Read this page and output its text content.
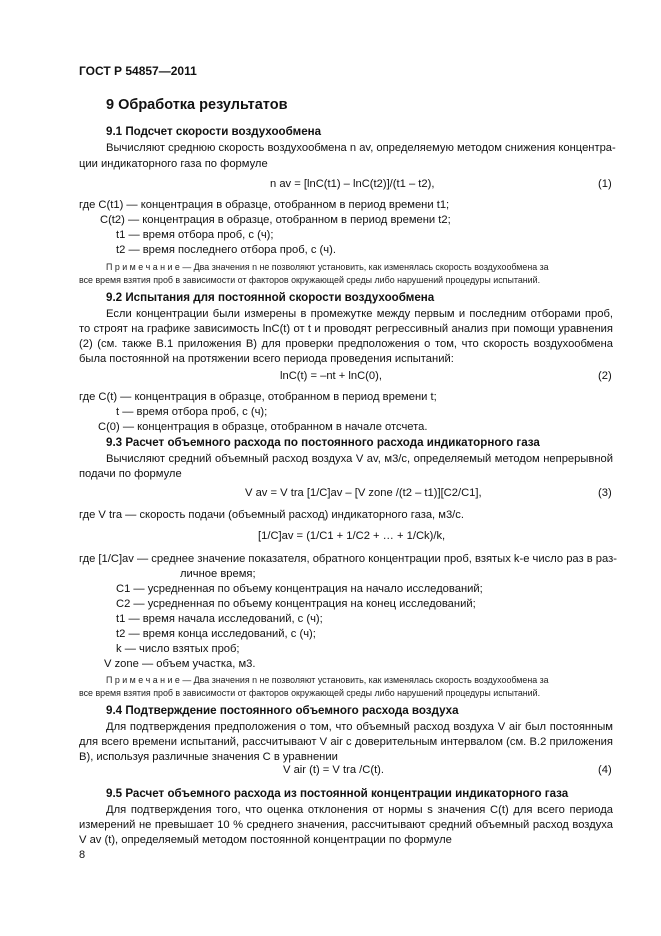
ГОСТ Р 54857—2011
9 Обработка результатов
9.1 Подсчет скорости воздухообмена
Вычисляют среднюю скорость воздухообмена n av, определяемую методом снижения концентра-
ции индикаторного газа по формуле
n av = [lnC(t1) – lnC(t2)]/(t1 – t2),	(1)
где C(t1) — концентрация в образце, отобранном в период времени t1;
C(t2) — концентрация в образце, отобранном в период времени t2;
t1 — время отбора проб, с (ч);
t2 — время последнего отбора проб, с (ч).
П р и м е ч а н и е — Два значения n не позволяют установить, как изменялась скорость воздухообмена за
все время взятия проб в зависимости от факторов окружающей среды либо нарушений процедуры испытаний.
9.2 Испытания для постоянной скорости воздухообмена
Если концентрации были измерены в промежутке между первым и последним отборами проб, то строят на графике зависимость lnC(t) от t и проводят регрессивный анализ при помощи уравнения (2) (см. также В.1 приложения В) для проверки предположения о том, что скорость воздухообмена была постоянной на протяжении всего периода проведения испытаний:
lnC(t) = –nt + lnC(0),	(2)
где C(t) — концентрация в образце, отобранном в период времени t;
t — время отбора проб, с (ч);
C(0) — концентрация в образце, отобранном в начале отсчета.
9.3 Расчет объемного расхода по постоянного расхода индикаторного газа
Вычисляют средний объемный расход воздуха V av, м3/с, определяемый методом непрерывной подачи по формуле
V av = V tra [1/C]av – [V zone /(t2 – t1)][C2/C1],	(3)
где V tra — скорость подачи (объемный расход) индикаторного газа, м3/с.
[1/C]av = (1/C1 + 1/C2 + … + 1/Ck)/k,
где [1/C]av — среднее значение показателя, обратного концентрации проб, взятых k-е число раз в раз-
личное время;
C1 — усредненная по объему концентрация на начало исследований;
C2 — усредненная по объему концентрация на конец исследований;
t1 — время начала исследований, с (ч);
t2 — время конца исследований, с (ч);
k — число взятых проб;
V zone — объем участка, м3.
П р и м е ч а н и е — Два значения n не позволяют установить, как изменялась скорость воздухообмена за
все время взятия проб в зависимости от факторов окружающей среды либо нарушений процедуры испытаний.
9.4 Подтверждение постоянного объемного расхода воздуха
Для подтверждения предположения о том, что объемный расход воздуха V air был постоянным для всего времени испытаний, рассчитывают V air с доверительным интервалом (см. В.2 приложения В), используя различные значения C в уравнении
V air (t) = V tra /C(t).	(4)
9.5 Расчет объемного расхода из постоянной концентрации индикаторного газа
Для подтверждения того, что оценка отклонения от нормы s значения C(t) для всего периода измерений не превышает 10 % среднего значения, рассчитывают средний объемный расход воздуха V av (t), определяемый методом постоянной концентрации по формуле
8
